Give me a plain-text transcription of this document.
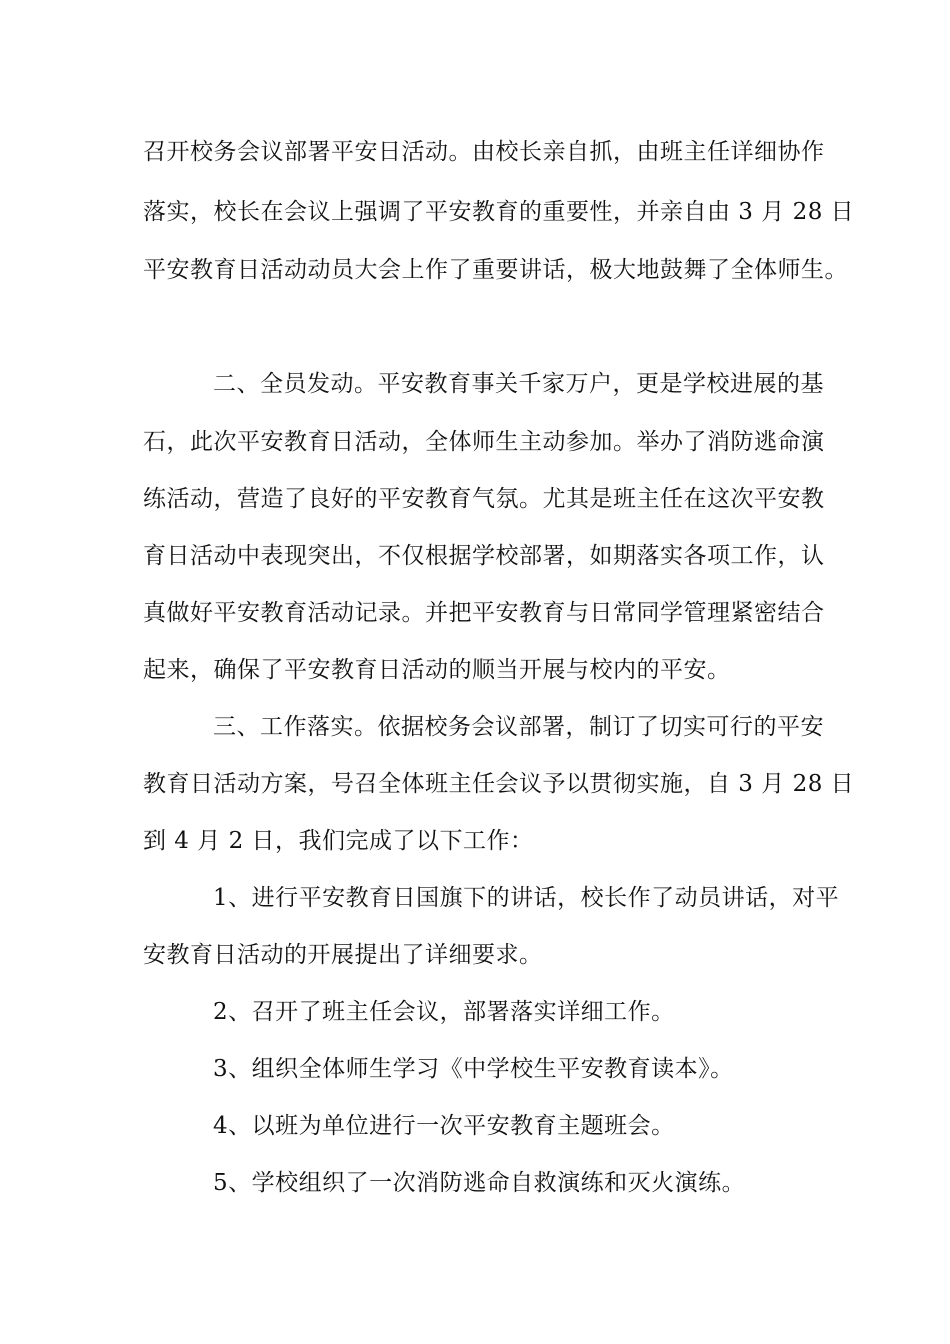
召开校务会议部署平安日活动。由校长亲自抓，由班主任详细协作
落实，校长在会议上强调了平安教育的重要性，并亲自由 3 月 28 日
平安教育日活动动员大会上作了重要讲话，极大地鼓舞了全体师生。
二、全员发动。平安教育事关千家万户，更是学校进展的基
石，此次平安教育日活动，全体师生主动参加。举办了消防逃命演
练活动，营造了良好的平安教育气氛。尤其是班主任在这次平安教
育日活动中表现突出，不仅根据学校部署，如期落实各项工作，认
真做好平安教育活动记录。并把平安教育与日常同学管理紧密结合
起来，确保了平安教育日活动的顺当开展与校内的平安。
三、工作落实。依据校务会议部署，制订了切实可行的平安
教育日活动方案，号召全体班主任会议予以贯彻实施，自 3 月 28 日
到 4 月 2 日，我们完成了以下工作：
1、进行平安教育日国旗下的讲话，校长作了动员讲话，对平
安教育日活动的开展提出了详细要求。
2、召开了班主任会议，部署落实详细工作。
3、组织全体师生学习《中学校生平安教育读本》。
4、以班为单位进行一次平安教育主题班会。
5、学校组织了一次消防逃命自救演练和灭火演练。
